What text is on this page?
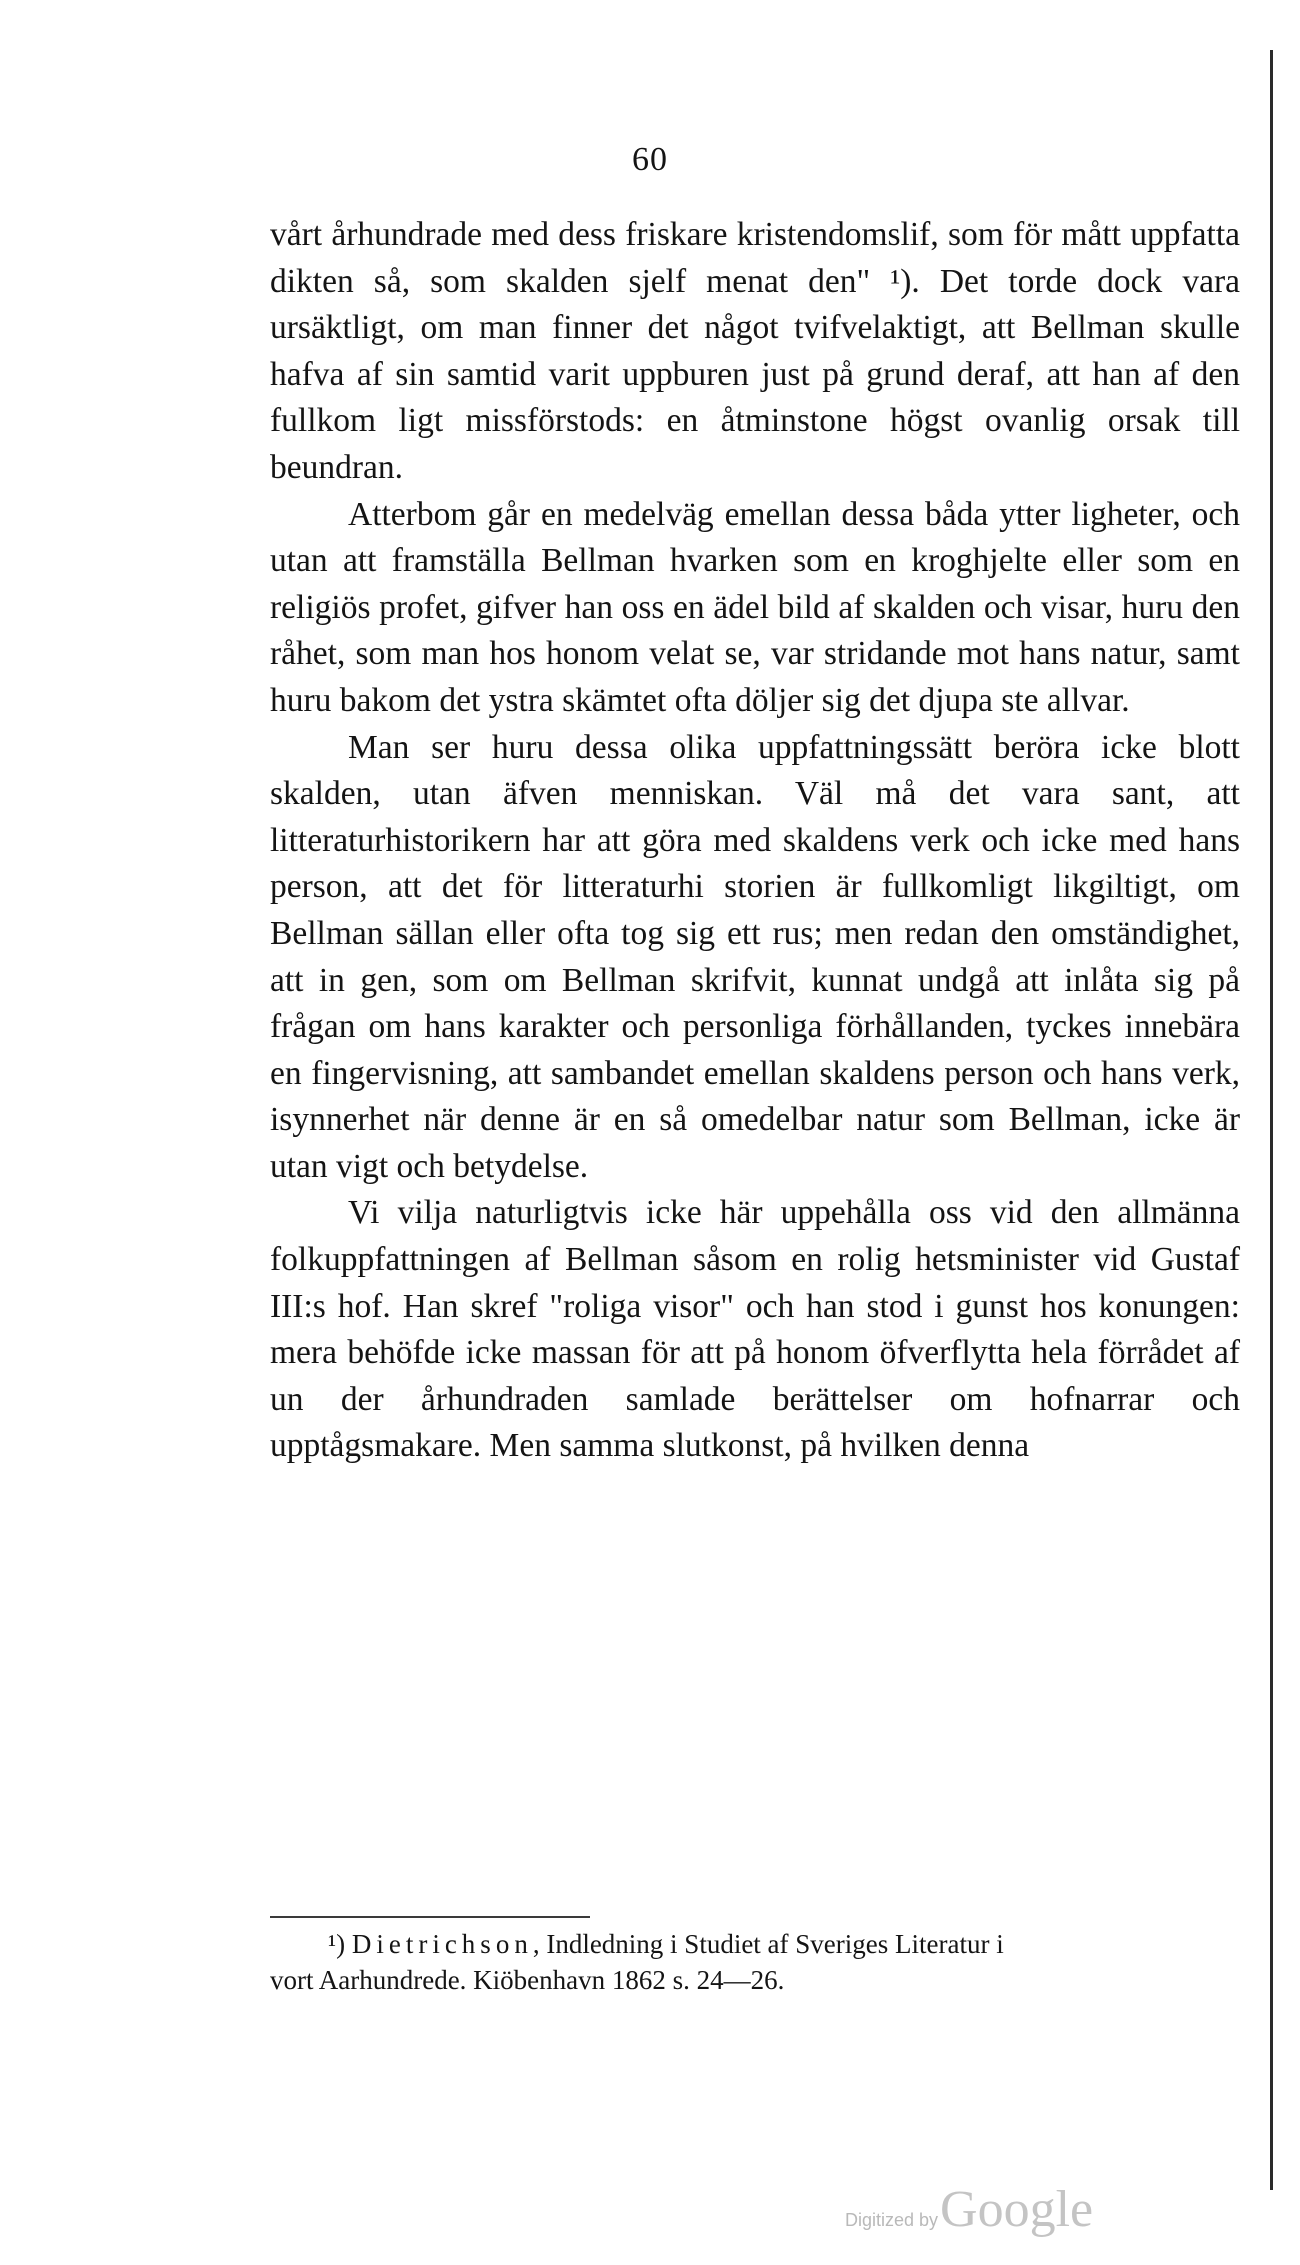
60

vårt århundrade med dess friskare kristendomslif, som för mått uppfatta dikten så, som skalden sjelf menat den" ¹). Det torde dock vara ursäktligt, om man finner det något tvifvelaktigt, att Bellman skulle hafva af sin samtid varit uppburen just på grund deraf, att han af den fullkom ligt missförstods: en åtminstone högst ovanlig orsak till beundran.

Atterbom går en medelväg emellan dessa båda ytter ligheter, och utan att framställa Bellman hvarken som en kroghjelte eller som en religiös profet, gifver han oss en ädel bild af skalden och visar, huru den råhet, som man hos honom velat se, var stridande mot hans natur, samt huru bakom det ystra skämtet ofta döljer sig det djupa ste allvar.

Man ser huru dessa olika uppfattningssätt beröra icke blott skalden, utan äfven menniskan. Väl må det vara sant, att litteraturhistorikern har att göra med skaldens verk och icke med hans person, att det för litteraturhi storien är fullkomligt likgiltigt, om Bellman sällan eller ofta tog sig ett rus; men redan den omständighet, att in gen, som om Bellman skrifvit, kunnat undgå att inlåta sig på frågan om hans karakter och personliga förhållanden, tyckes innebära en fingervisning, att sambandet emellan skaldens person och hans verk, isynnerhet när denne är en så omedelbar natur som Bellman, icke är utan vigt och betydelse.

Vi vilja naturligtvis icke här uppehålla oss vid den allmänna folkuppfattningen af Bellman såsom en rolig hetsminister vid Gustaf III:s hof. Han skref "roliga visor" och han stod i gunst hos konungen: mera behöfde icke massan för att på honom öfverflytta hela förrådet af un der århundraden samlade berättelser om hofnarrar och upptågsmakare. Men samma slutkonst, på hvilken denna

¹) Dietrichson, Indledning i Studiet af Sveriges Literatur i
vort Aarhundrede. Kiöbenhavn 1862 s. 24—26.
Digitized by Google
